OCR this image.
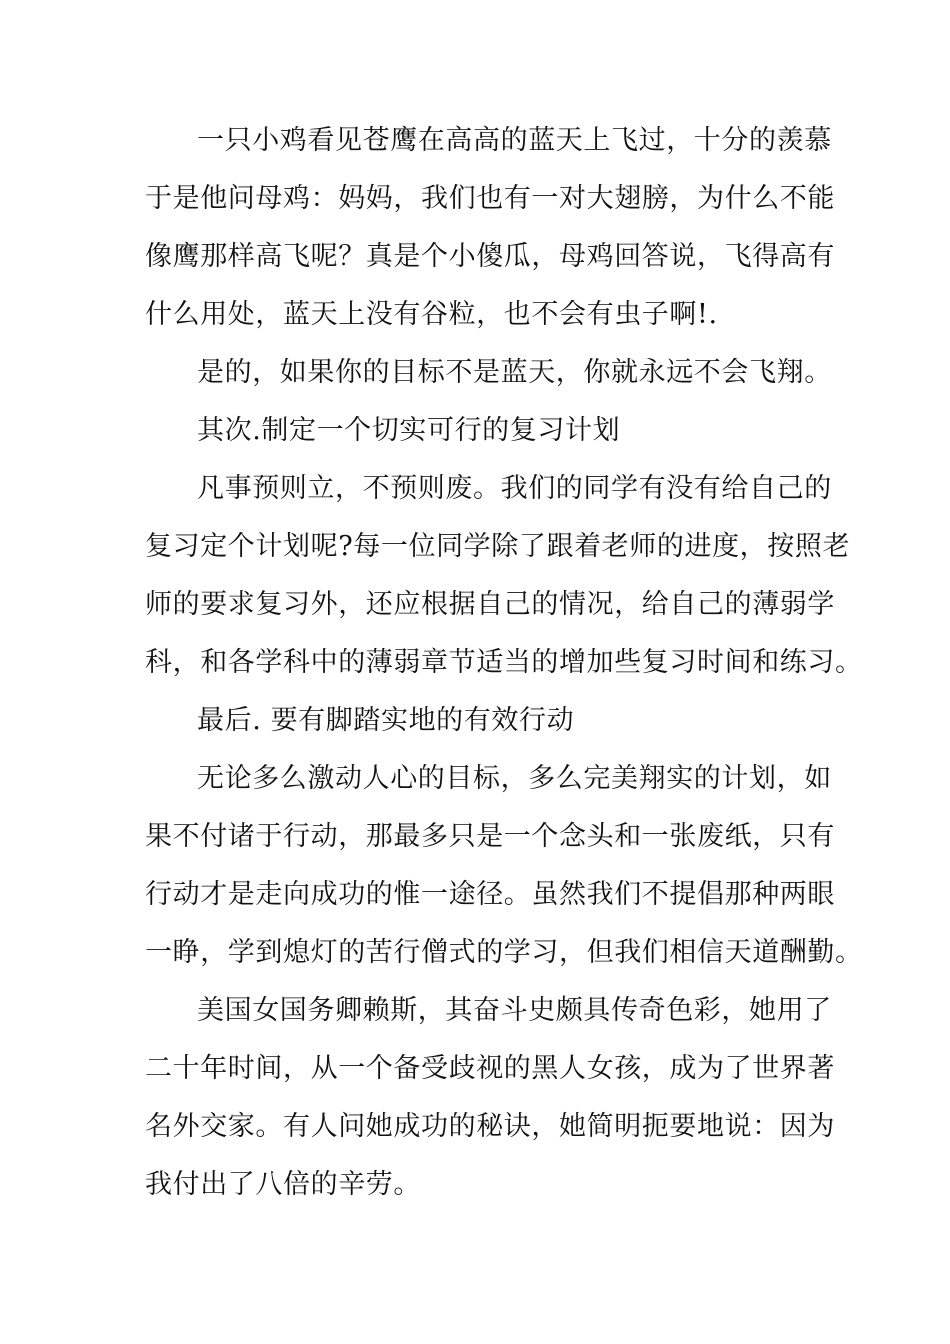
一只小鸡看见苍鹰在高高的蓝天上飞过，十分的羡慕
于是他问母鸡：妈妈，我们也有一对大翅膀，为什么不能
像鹰那样高飞呢？真是个小傻瓜，母鸡回答说，飞得高有
什么用处，蓝天上没有谷粒，也不会有虫子啊!.
是的，如果你的目标不是蓝天，你就永远不会飞翔。
其次.制定一个切实可行的复习计划
凡事预则立，不预则废。我们的同学有没有给自己的
复习定个计划呢?每一位同学除了跟着老师的进度，按照老
师的要求复习外，还应根据自己的情况，给自己的薄弱学
科，和各学科中的薄弱章节适当的增加些复习时间和练习。
最后. 要有脚踏实地的有效行动
无论多么激动人心的目标，多么完美翔实的计划，如
果不付诸于行动，那最多只是一个念头和一张废纸，只有
行动才是走向成功的惟一途径。虽然我们不提倡那种两眼
一睁，学到熄灯的苦行僧式的学习，但我们相信天道酬勤。
美国女国务卿赖斯，其奋斗史颇具传奇色彩，她用了
二十年时间，从一个备受歧视的黑人女孩，成为了世界著
名外交家。有人问她成功的秘诀，她简明扼要地说：因为
我付出了八倍的辛劳。
